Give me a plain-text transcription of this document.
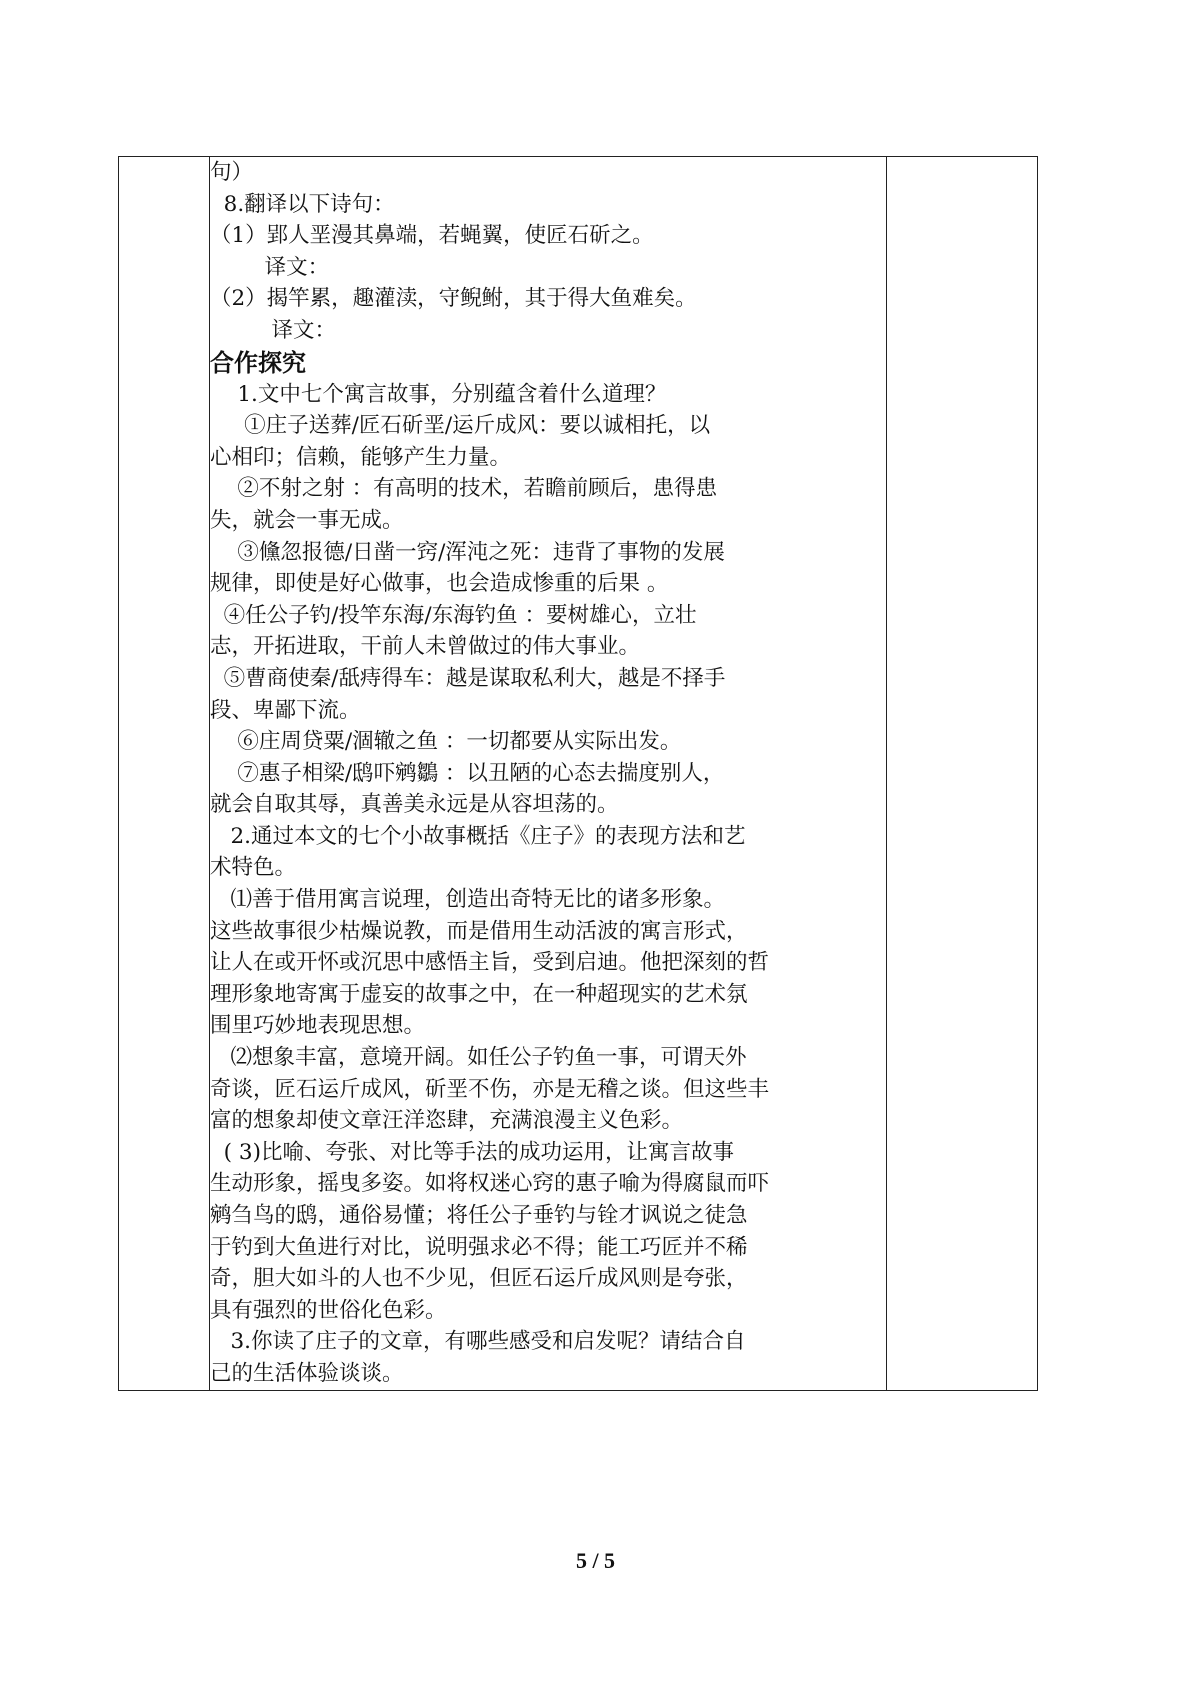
句）
8.翻译以下诗句：
（1）郢人垩漫其鼻端，若蝇翼，使匠石斫之。
译文：
（2）揭竿累，趣灌渎，守鲵鲋，其于得大鱼难矣。
译文：
合作探究
1.文中七个寓言故事，分别蕴含着什么道理？
①庄子送葬/匠石斫垩/运斤成风：要以诚相托，以
心相印；信赖，能够产生力量。
②不射之射 ：有高明的技术，若瞻前顾后，患得患
失，就会一事无成。
③儵忽报德/日凿一窍/浑沌之死：违背了事物的发展
规律，即使是好心做事，也会造成惨重的后果 。
④任公子钓/投竿东海/东海钓鱼 ：要树雄心，立壮
志，开拓进取，干前人未曾做过的伟大事业。
⑤曹商使秦/舐痔得车：越是谋取私利大，越是不择手
段、卑鄙下流。
⑥庄周贷粟/涸辙之鱼 ：一切都要从实际出发。
⑦惠子相梁/鸱吓鹓鶵 ：以丑陋的心态去揣度别人，
就会自取其辱，真善美永远是从容坦荡的。
2.通过本文的七个小故事概括《庄子》的表现方法和艺
术特色。
⑴善于借用寓言说理，创造出奇特无比的诸多形象。
这些故事很少枯燥说教，而是借用生动活波的寓言形式，
让人在或开怀或沉思中感悟主旨，受到启迪。他把深刻的哲
理形象地寄寓于虚妄的故事之中，在一种超现实的艺术氛
围里巧妙地表现思想。
⑵想象丰富，意境开阔。如任公子钓鱼一事，可谓天外
奇谈，匠石运斤成风，斫垩不伤，亦是无稽之谈。但这些丰
富的想象却使文章汪洋恣肆，充满浪漫主义色彩。
( 3)比喻、夸张、对比等手法的成功运用，让寓言故事
生动形象，摇曳多姿。如将权迷心窍的惠子喻为得腐鼠而吓
鹓刍鸟的鸱，通俗易懂；将任公子垂钓与铨才讽说之徒急
于钓到大鱼进行对比，说明强求必不得；能工巧匠并不稀
奇，胆大如斗的人也不少见，但匠石运斤成风则是夸张，
具有强烈的世俗化色彩。
3.你读了庄子的文章，有哪些感受和启发呢？请结合自
己的生活体验谈谈。

5 / 5
